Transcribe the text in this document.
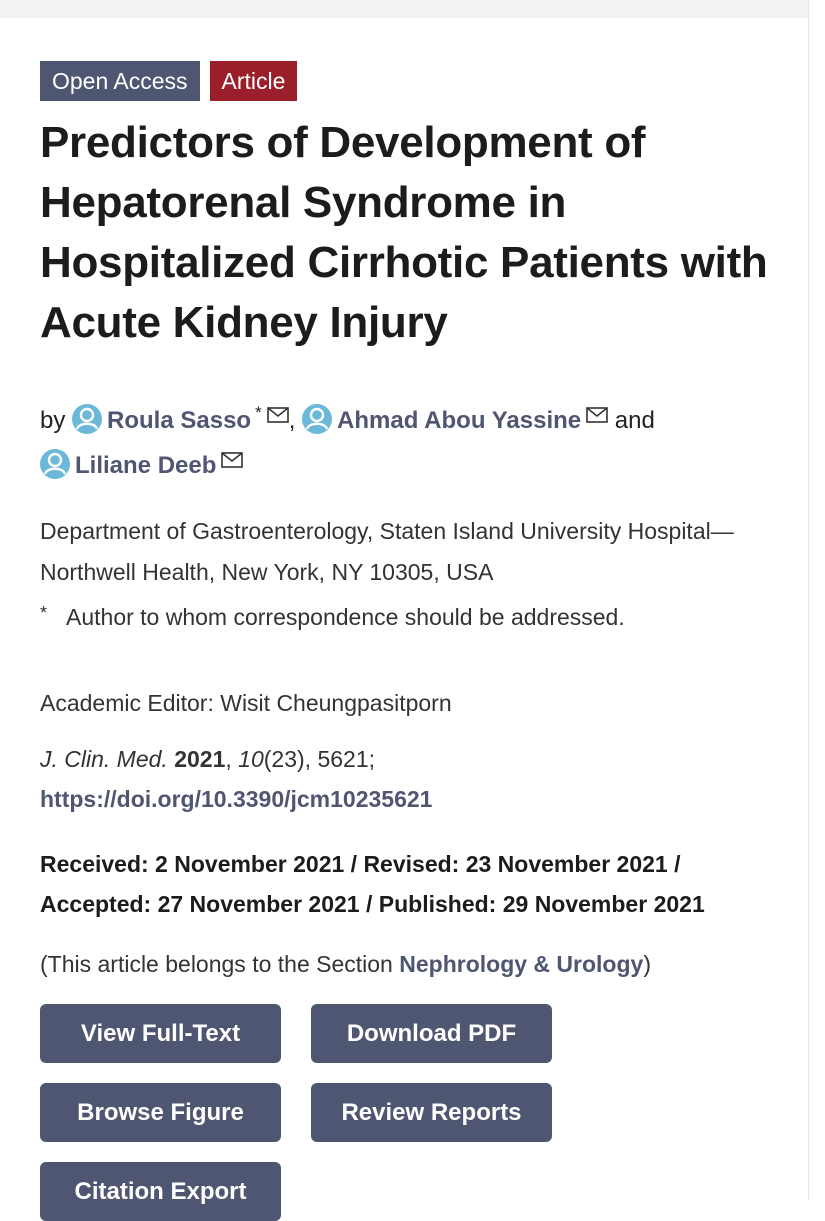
Open Access	Article
Predictors of Development of Hepatorenal Syndrome in Hospitalized Cirrhotic Patients with Acute Kidney Injury
by Roula Sasso * , Ahmad Abou Yassine and

Liliane Deeb
Department of Gastroenterology, Staten Island University Hospital—Northwell Health, New York, NY 10305, USA
* Author to whom correspondence should be addressed.
Academic Editor: Wisit Cheungpasitporn
J. Clin. Med. 2021, 10(23), 5621;
https://doi.org/10.3390/jcm10235621
Received: 2 November 2021 / Revised: 23 November 2021 /
Accepted: 27 November 2021 / Published: 29 November 2021
(This article belongs to the Section Nephrology & Urology)
View Full-Text	Download PDF
Browse Figure	Review Reports
Citation Export
